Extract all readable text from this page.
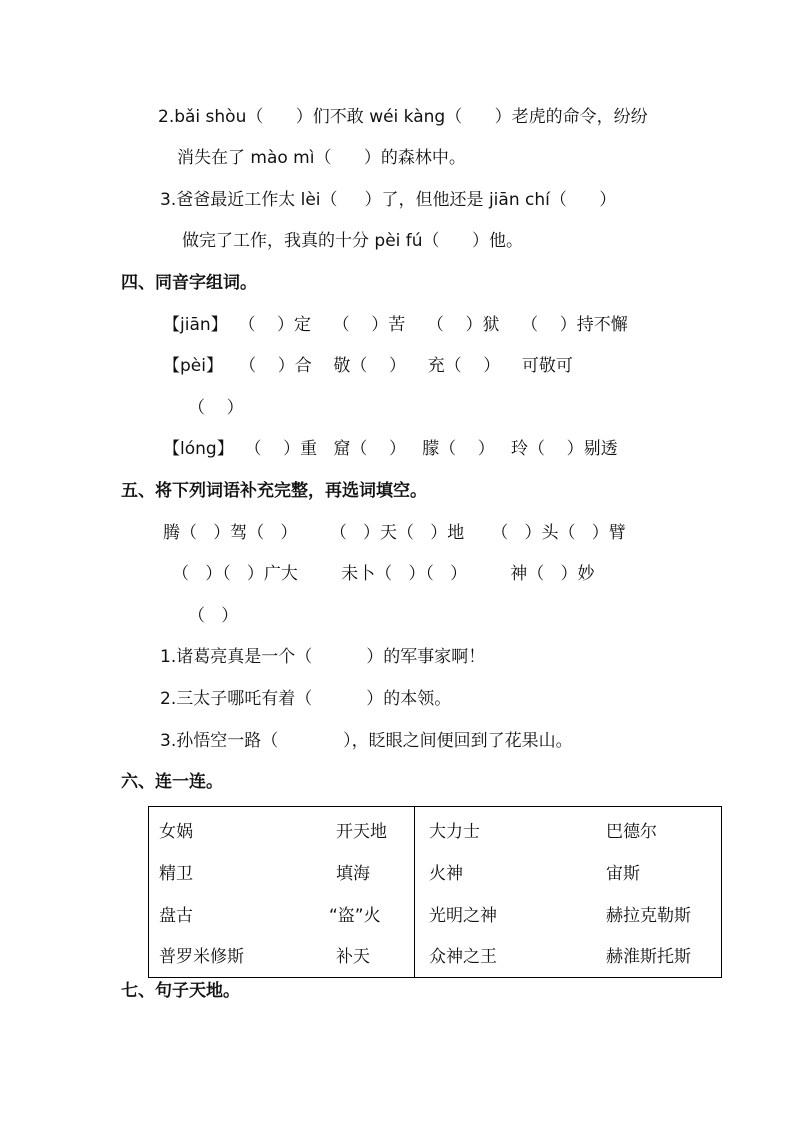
2.bǎi shòu（      ）们不敢 wéi kàng（      ）老虎的命令，纷纷
消失在了 mào mì（      ）的森林中。
3.爸爸最近工作太 lèi（     ）了，但他还是 jiān chí（      ）
做完了工作，我真的十分 pèi fú（      ）他。
四、同音字组词。
【jiān】  （    ）定    （    ）苦    （    ）狱    （    ）持不懈
【pèi】   （    ）合    敬（    ）    充（    ）    可敬可
（    ）
【lóng】  （    ）重   窟（    ）   朦（    ）   玲（    ）剔透
五、将下列词语补充完整，再选词填空。
腾（   ）驾（   ）      （   ）天（   ）地     （   ）头（   ）臂
（   ）（   ）广大        未卜（   ）（   ）        神（   ）妙
（   ）
1.诸葛亮真是一个（          ）的军事家啊！
2.三太子哪吒有着（          ）的本领。
3.孙悟空一路（            ），眨眼之间便回到了花果山。
六、连一连。
女娲
精卫
盘古
普罗米修斯
开天地
填海
“盗”火
补天
大力士
火神
光明之神
众神之王
巴德尔
宙斯
赫拉克勒斯
赫淮斯托斯
七、句子天地。
